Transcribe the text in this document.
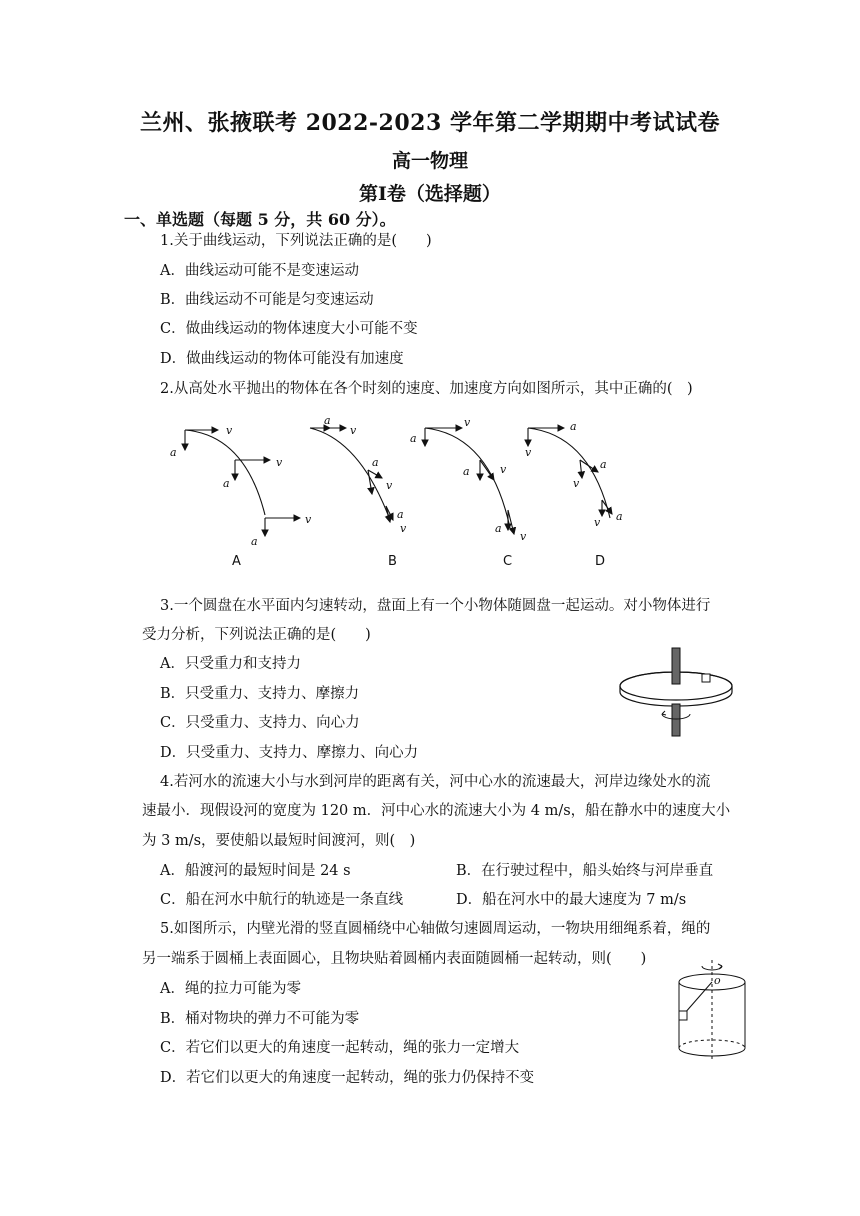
兰州、张掖联考 2022-2023 学年第二学期期中考试试卷
高一物理
第Ⅰ卷（选择题）
一、单选题（每题 5 分，共 60 分）。
1.关于曲线运动，下列说法正确的是(　　)
A．曲线运动可能不是变速运动
B．曲线运动不可能是匀变速运动
C．做曲线运动的物体速度大小可能不变
D．做曲线运动的物体可能没有加速度
2.从高处水平抛出的物体在各个时刻的速度、加速度方向如图所示，其中正确的(　)
v
a
v
a
v
a
a
v
a
v
a
v
a
v
a	v
a
v
a
v
a
v
v a
A	B	C	D
3.一个圆盘在水平面内匀速转动，盘面上有一个小物体随圆盘一起运动。对小物体进行
受力分析，下列说法正确的是(　　)
A．只受重力和支持力
B．只受重力、支持力、摩擦力
C．只受重力、支持力、向心力
D．只受重力、支持力、摩擦力、向心力
4.若河水的流速大小与水到河岸的距离有关，河中心水的流速最大，河岸边缘处水的流
速最小．现假设河的宽度为 120 m．河中心水的流速大小为 4 m/s，船在静水中的速度大小
为 3 m/s，要使船以最短时间渡河，则(　)
A．船渡河的最短时间是 24 s	B．在行驶过程中，船头始终与河岸垂直
C．船在河水中航行的轨迹是一条直线	D．船在河水中的最大速度为 7 m/s
5.如图所示，内壁光滑的竖直圆桶绕中心轴做匀速圆周运动，一物块用细绳系着，绳的
另一端系于圆桶上表面圆心，且物块贴着圆桶内表面随圆桶一起转动，则(　　)
A．绳的拉力可能为零
B．桶对物块的弹力不可能为零
C．若它们以更大的角速度一起转动，绳的张力一定增大
D．若它们以更大的角速度一起转动，绳的张力仍保持不变
o
